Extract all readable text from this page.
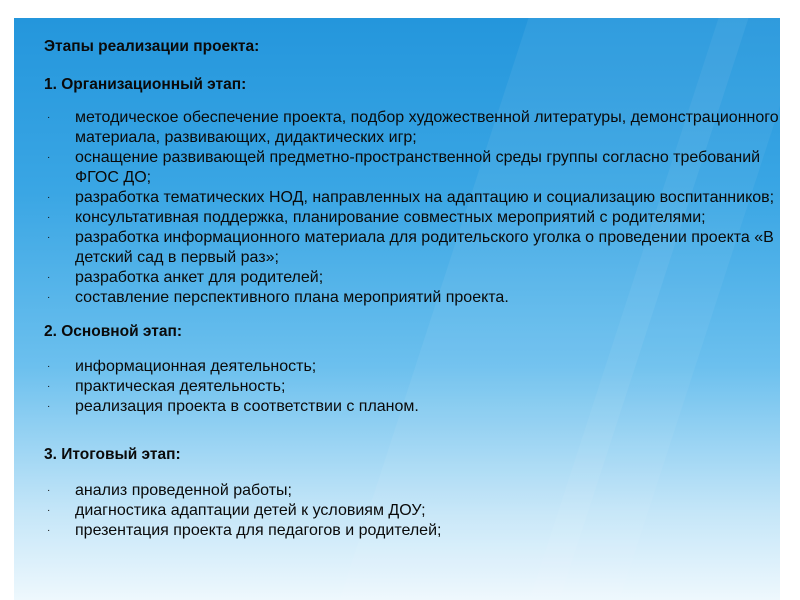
Этапы реализации проекта:
1. Организационный этап:
· методическое обеспечение проекта, подбор художественной литературы, демонстрационного материала, развивающих, дидактических игр;
· оснащение развивающей предметно-пространственной среды группы согласно требований ФГОС ДО;
· разработка тематических НОД, направленных на адаптацию и социализацию воспитанников;
· консультативная поддержка, планирование совместных мероприятий с родителями;
· разработка информационного материала для родительского уголка о проведении проекта «В детский сад в первый раз»;
· разработка анкет для родителей;
· составление перспективного плана мероприятий проекта.
2. Основной этап:
· информационная деятельность;
· практическая деятельность;
· реализация проекта в соответствии с планом.
3. Итоговый этап:
· анализ проведенной работы;
· диагностика адаптации детей к условиям ДОУ;
· презентация проекта для педагогов и родителей;
